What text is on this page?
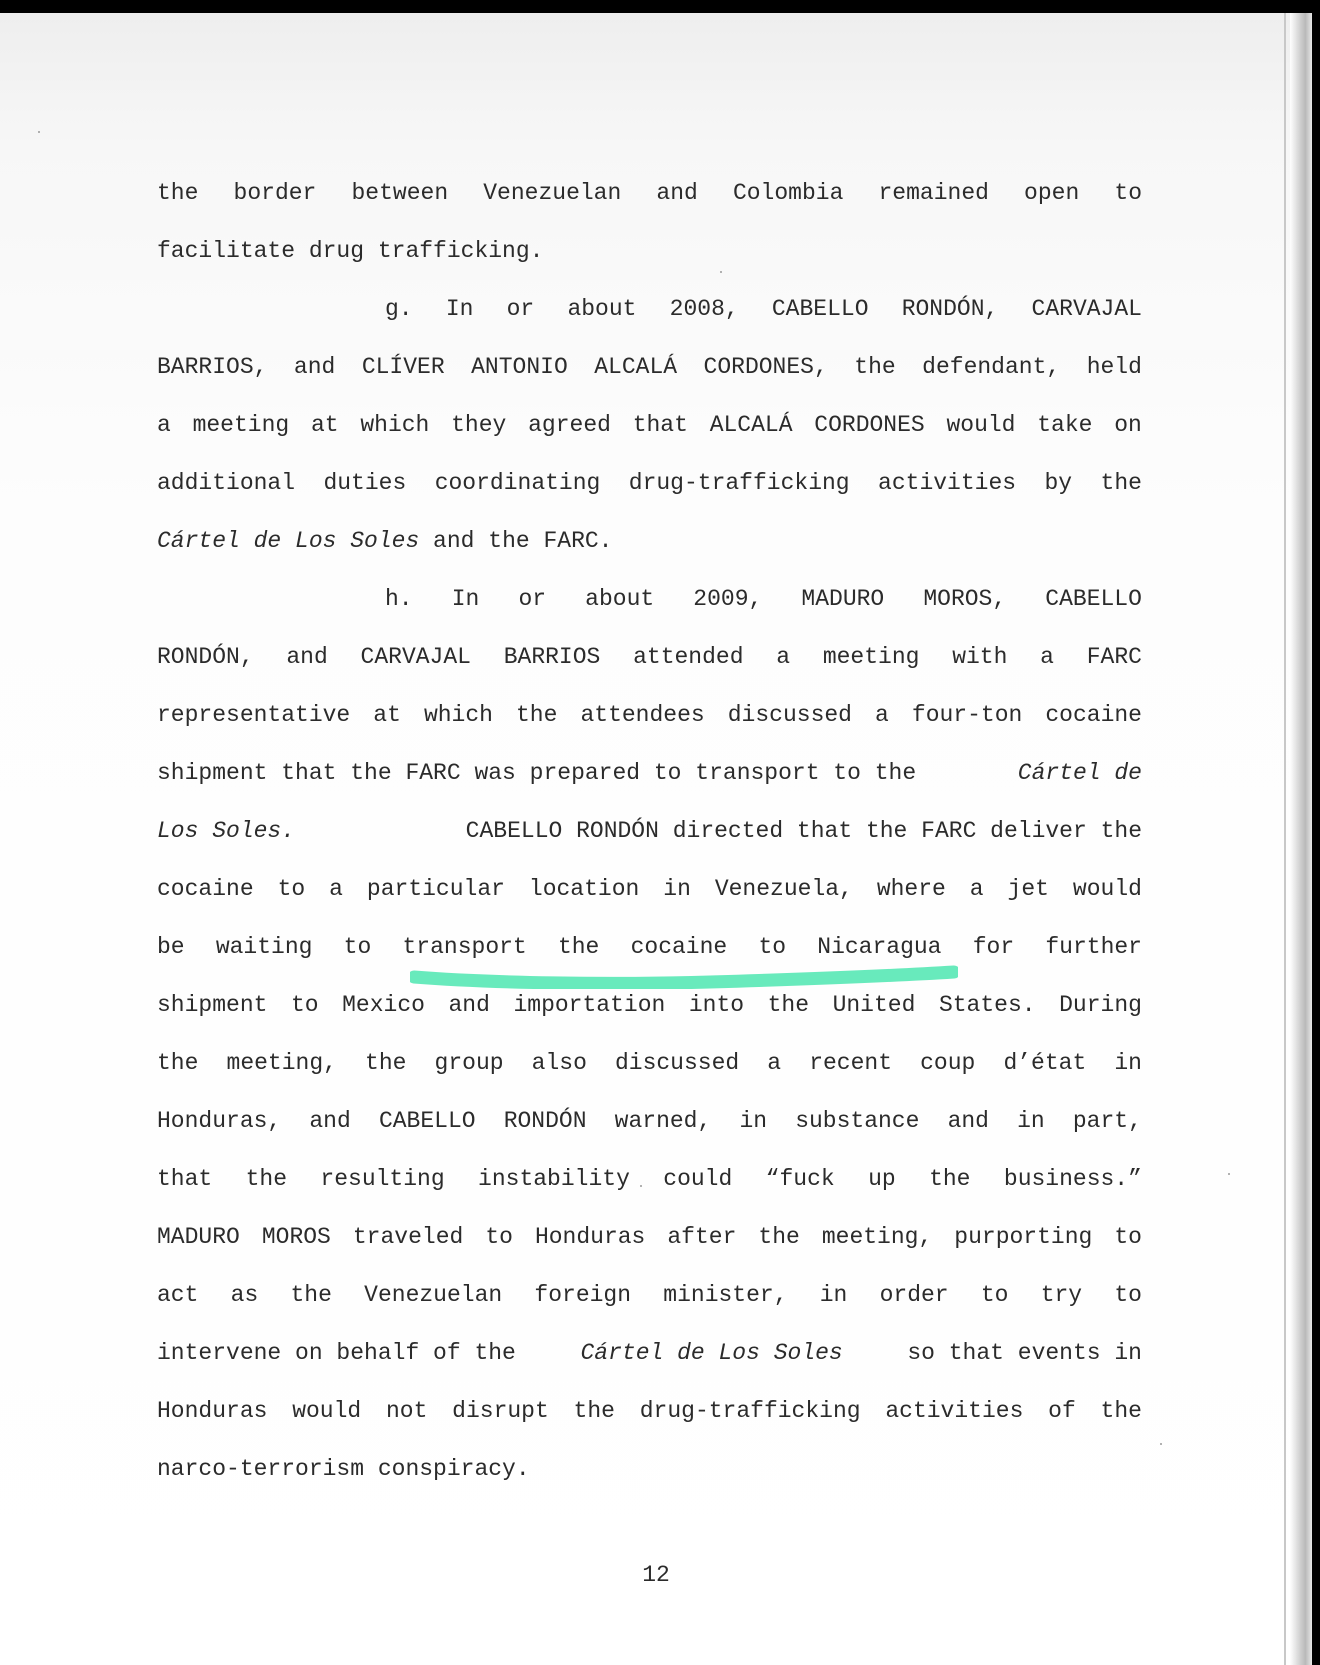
the border between Venezuelan and Colombia remained open to
facilitate drug trafficking.
g. In or about 2008, CABELLO RONDÓN, CARVAJAL
BARRIOS, and CLÍVER ANTONIO ALCALÁ CORDONES, the defendant, held
a meeting at which they agreed that ALCALÁ CORDONES would take on
additional duties coordinating drug-trafficking activities by the
Cártel de Los Soles and the FARC.
h. In or about 2009, MADURO MOROS, CABELLO
RONDÓN, and CARVAJAL BARRIOS attended a meeting with a FARC
representative at which the attendees discussed a four-ton cocaine
shipment that the FARC was prepared to transport to the	Cártel de
Los Soles.	CABELLO RONDÓN directed that the FARC deliver the
cocaine to a particular location in Venezuela, where a jet would
be waiting to transport the cocaine to Nicaragua for further
shipment to Mexico and importation into the United States. During
the meeting, the group also discussed a recent coup d’état in
Honduras, and CABELLO RONDÓN warned, in substance and in part,
that the resulting instability could “fuck up the business.”
MADURO MOROS traveled to Honduras after the meeting, purporting to
act as the Venezuelan foreign minister, in order to try to
intervene on behalf of the Cártel de Los Soles so that events in
Honduras would not disrupt the drug-trafficking activities of the
narco-terrorism conspiracy.
12
